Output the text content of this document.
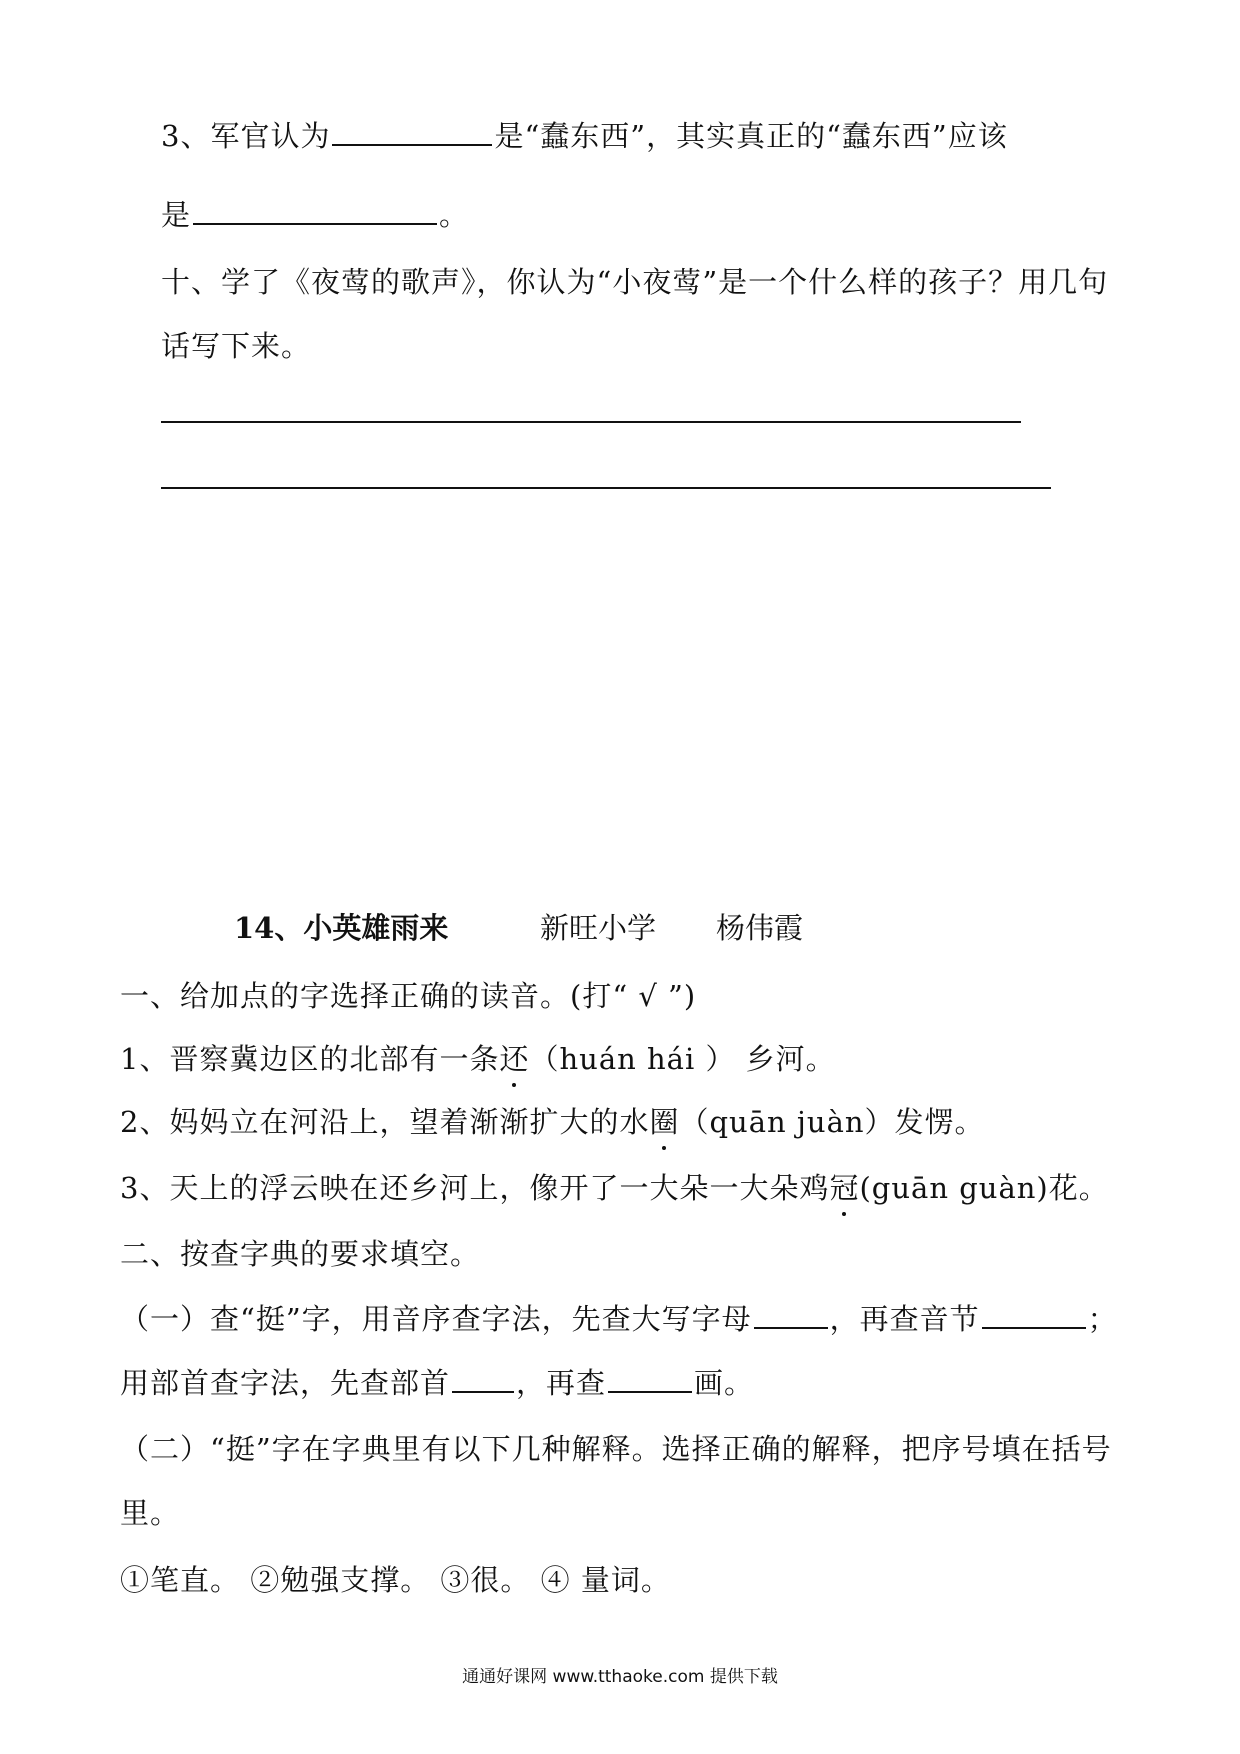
3、军官认为	是“蠢东西”，其实真正的“蠢东西”应该
是	。
十、学了《夜莺的歌声》，你认为“小夜莺”是一个什么样的孩子？用几句
话写下来。
14、小英雄雨来	新旺小学 杨伟霞
一、给加点的字选择正确的读音。(打“ √ ”)
1、晋察冀边区的北部有一条还（huán hái ） 乡河。
2、妈妈立在河沿上，望着渐渐扩大的水圈（quān juàn）发愣。
3、天上的浮云映在还乡河上，像开了一大朵一大朵鸡冠(guān guàn)花。
二、按查字典的要求填空。
（一）查“挺”字，用音序查字法，先查大写字母	，再查音节	；
用部首查字法，先查部首 ，再查	画。
（二）“挺”字在字典里有以下几种解释。选择正确的解释，把序号填在括号
里。
①笔直。 ②勉强支撑。 ③很。 ④ 量词。
通通好课网 www.tthaoke.com 提供下载
